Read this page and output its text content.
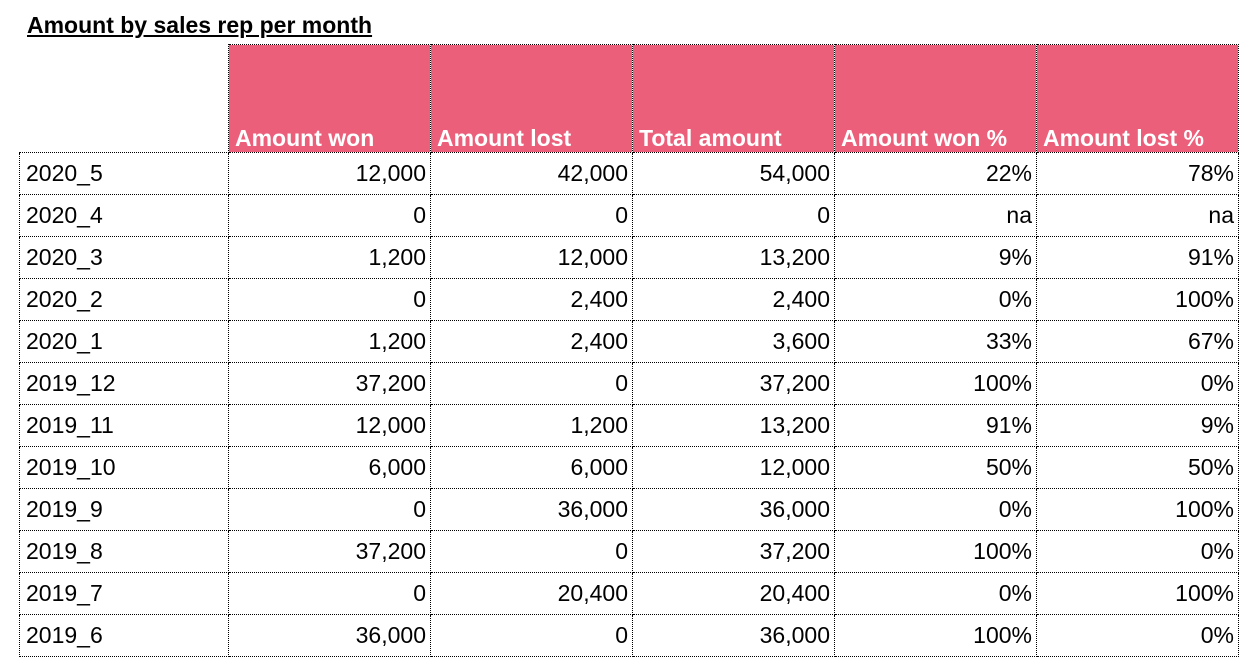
Amount by sales rep per month
	Amount won	Amount lost	Total amount	Amount won %	Amount lost %
2020_5	12,000	42,000	54,000	22%	78%
2020_4	0	0	0	na	na
2020_3	1,200	12,000	13,200	9%	91%
2020_2	0	2,400	2,400	0%	100%
2020_1	1,200	2,400	3,600	33%	67%
2019_12	37,200	0	37,200	100%	0%
2019_11	12,000	1,200	13,200	91%	9%
2019_10	6,000	6,000	12,000	50%	50%
2019_9	0	36,000	36,000	0%	100%
2019_8	37,200	0	37,200	100%	0%
2019_7	0	20,400	20,400	0%	100%
2019_6	36,000	0	36,000	100%	0%
